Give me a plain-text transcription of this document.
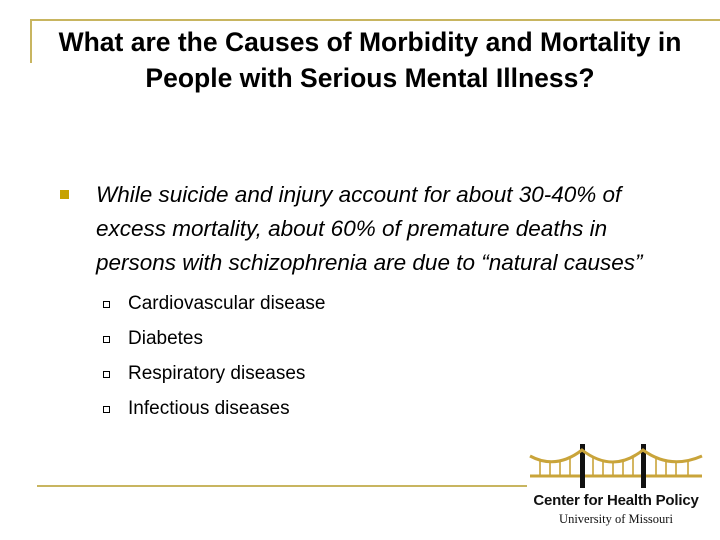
What are the Causes of Morbidity and Mortality in People with Serious Mental Illness?
While suicide and injury account for about 30-40% of excess mortality, about 60% of premature deaths in persons with schizophrenia are due to “natural causes”
Cardiovascular disease
Diabetes
Respiratory diseases
Infectious diseases
Center for Health Policy
University of Missouri
